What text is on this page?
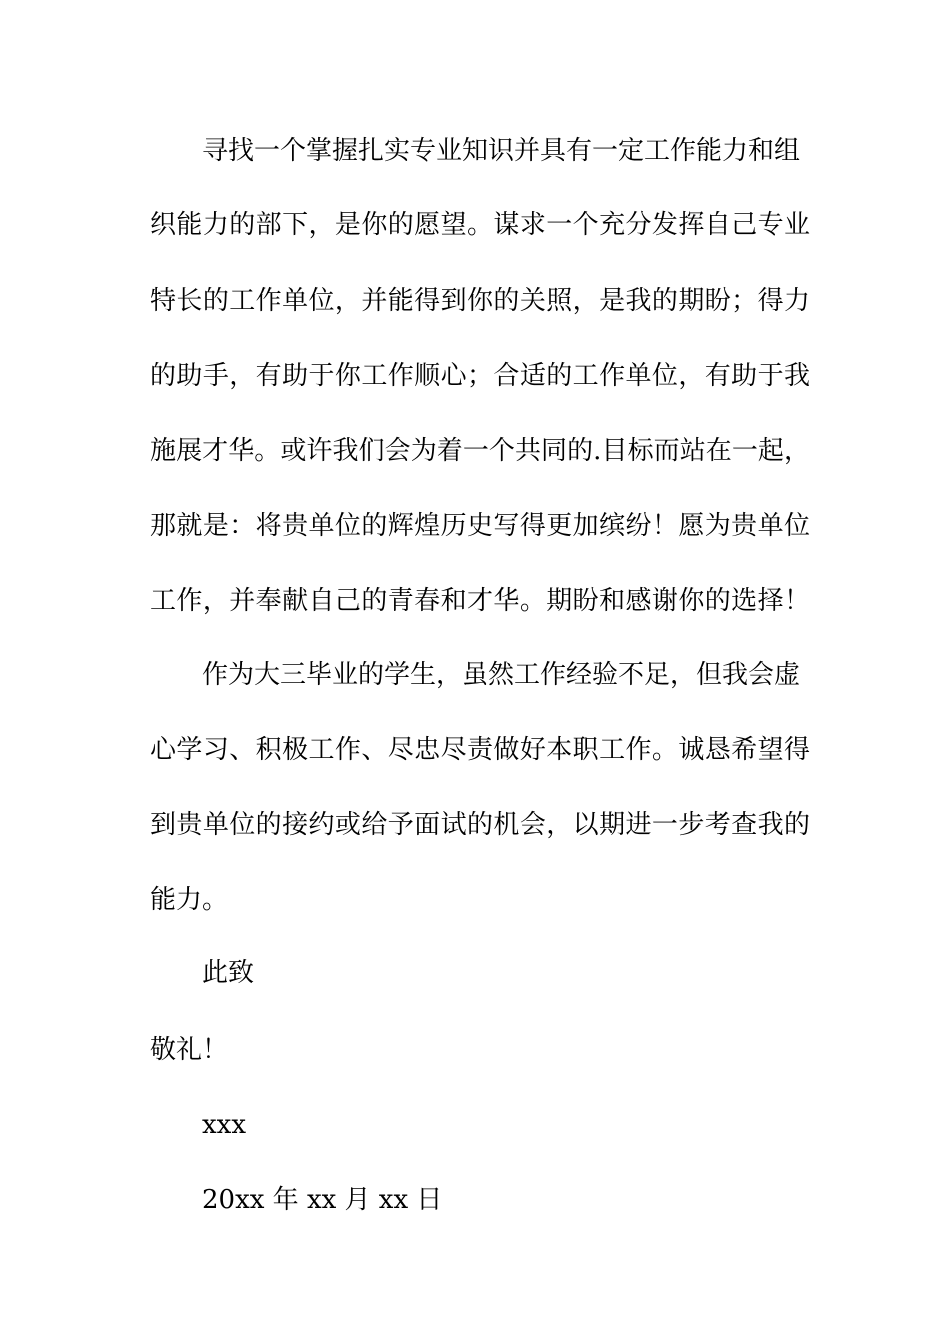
寻找一个掌握扎实专业知识并具有一定工作能力和组
织能力的部下，是你的愿望。谋求一个充分发挥自己专业
特长的工作单位，并能得到你的关照，是我的期盼；得力
的助手，有助于你工作顺心；合适的工作单位，有助于我
施展才华。或许我们会为着一个共同的.目标而站在一起，
那就是：将贵单位的辉煌历史写得更加缤纷！愿为贵单位
工作，并奉献自己的青春和才华。期盼和感谢你的选择！
作为大三毕业的学生，虽然工作经验不足，但我会虚
心学习、积极工作、尽忠尽责做好本职工作。诚恳希望得
到贵单位的接约或给予面试的机会，以期进一步考查我的
能力。
此致
敬礼！
xxx
20xx 年 xx 月 xx 日
